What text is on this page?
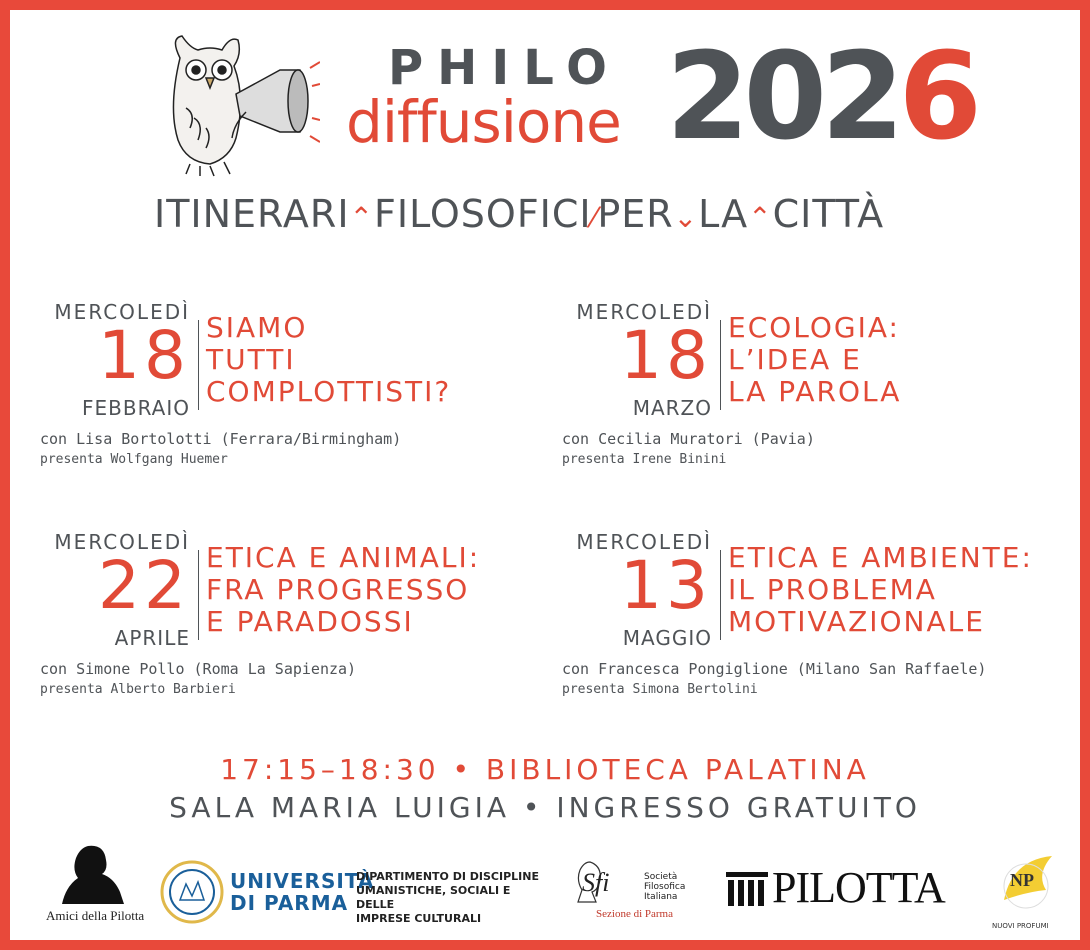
PHILO
diffusione 2026
ITINERARI⌃FILOSOFICI⁄PER⌄LA⌃CITTÀ
MERCOLEDÌ
18
FEBBRAIO
SIAMO
TUTTI
COMPLOTTISTI?
con Lisa Bortolotti (Ferrara/Birmingham)
presenta Wolfgang Huemer
MERCOLEDÌ
18
MARZO
ECOLOGIA:
L’IDEA E
LA PAROLA
con Cecilia Muratori (Pavia)
presenta Irene Binini
MERCOLEDÌ
22
APRILE
ETICA E ANIMALI:
FRA PROGRESSO
E PARADOSSI
con Simone Pollo (Roma La Sapienza)
presenta Alberto Barbieri
MERCOLEDÌ
13
MAGGIO
ETICA E AMBIENTE:
IL PROBLEMA
MOTIVAZIONALE
con Francesca Pongiglione (Milano San Raffaele)
presenta Simona Bertolini
17:15–18:30 • BIBLIOTECA PALATINA
SALA MARIA LUIGIA • INGRESSO GRATUITO
Amici della Pilotta
UNIVERSITÀ
DI PARMA
DIPARTIMENTO DI DISCIPLINE
UMANISTICHE, SOCIALI E DELLE
IMPRESE CULTURALI
Sfi	Società
Filosofica
Italiana
Sezione di Parma
PILOTTA	NP
NUOVI PROFUMI
